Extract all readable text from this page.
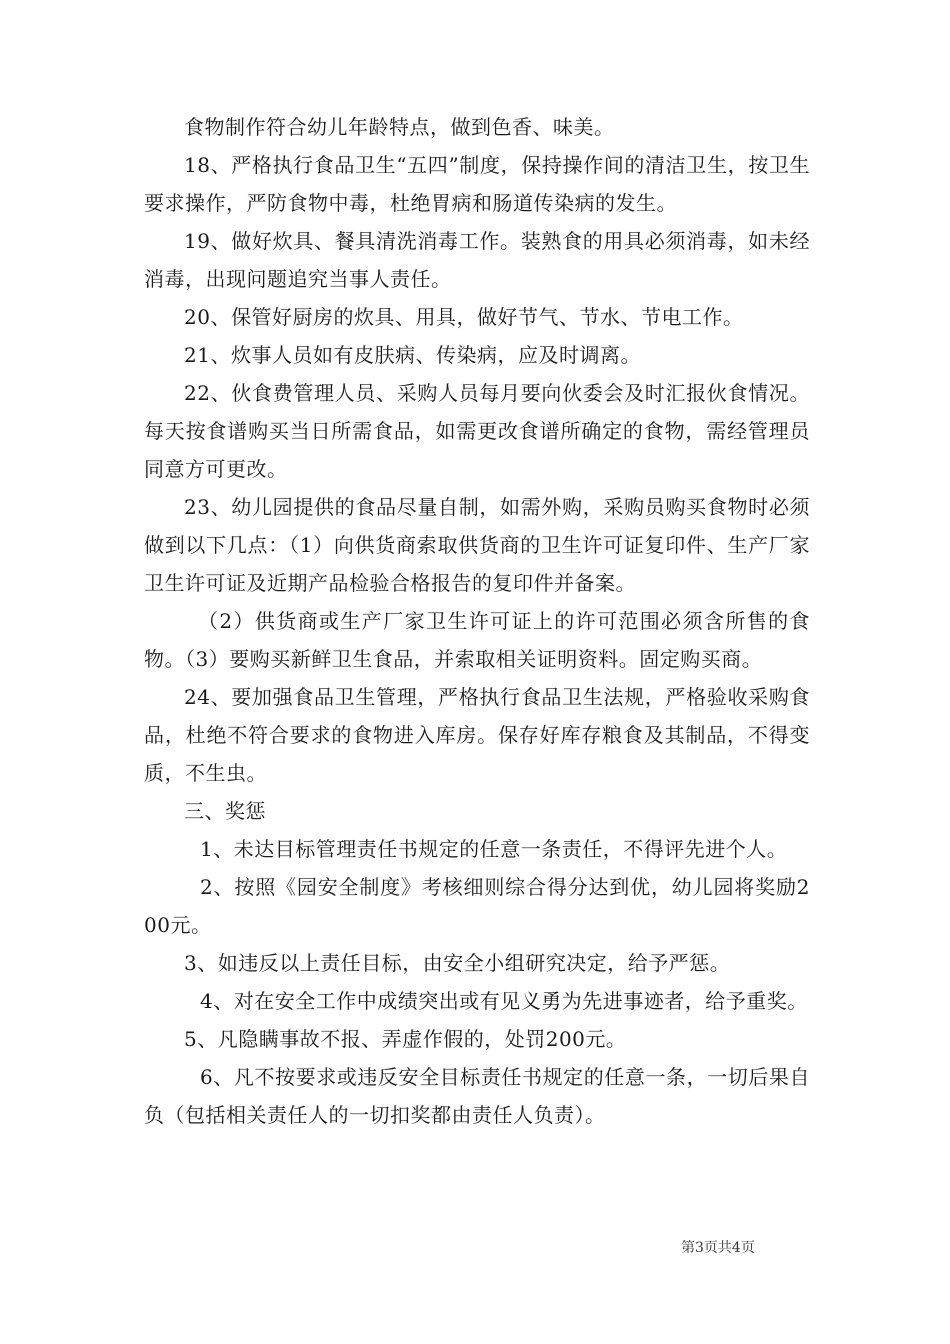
食物制作符合幼儿年龄特点，做到色香、味美。

18、严格执行食品卫生“五四”制度，保持操作间的清洁卫生，按卫生要求操作，严防食物中毒，杜绝胃病和肠道传染病的发生。

19、做好炊具、餐具清洗消毒工作。装熟食的用具必须消毒，如未经消毒，出现问题追究当事人责任。

20、保管好厨房的炊具、用具，做好节气、节水、节电工作。

21、炊事人员如有皮肤病、传染病，应及时调离。

22、伙食费管理人员、采购人员每月要向伙委会及时汇报伙食情况。每天按食谱购买当日所需食品，如需更改食谱所确定的食物，需经管理员同意方可更改。

23、幼儿园提供的食品尽量自制，如需外购，采购员购买食物时必须做到以下几点：（1）向供货商索取供货商的卫生许可证复印件、生产厂家卫生许可证及近期产品检验合格报告的复印件并备案。

（2）供货商或生产厂家卫生许可证上的许可范围必须含所售的食物。（3）要购买新鲜卫生食品，并索取相关证明资料。固定购买商。

24、要加强食品卫生管理，严格执行食品卫生法规，严格验收采购食品，杜绝不符合要求的食物进入库房。保存好库存粮食及其制品，不得变质，不生虫。

三、奖惩

1、未达目标管理责任书规定的任意一条责任，不得评先进个人。

2、按照《园安全制度》考核细则综合得分达到优，幼儿园将奖励200元。

3、如违反以上责任目标，由安全小组研究决定，给予严惩。

4、对在安全工作中成绩突出或有见义勇为先进事迹者，给予重奖。

5、凡隐瞒事故不报、弄虚作假的，处罚200元。

6、凡不按要求或违反安全目标责任书规定的任意一条，一切后果自负（包括相关责任人的一切扣奖都由责任人负责）。

第3页共4页
